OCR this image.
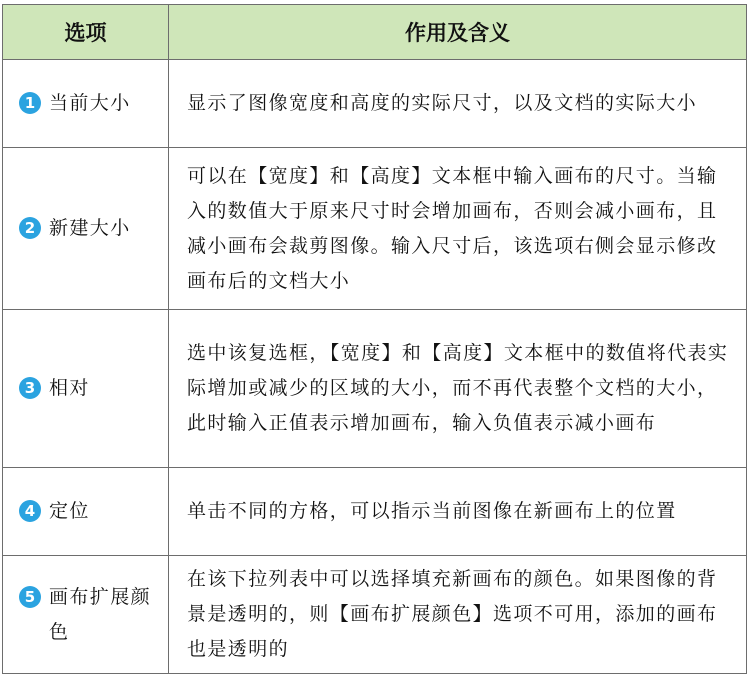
选项	作用及含义

1 当前大小	显示了图像宽度和高度的实际尺寸，以及文档的实际大小

2 新建大小	可以在【宽度】和【高度】文本框中输入画布的尺寸。当输入的数值大于原来尺寸时会增加画布，否则会减小画布，且减小画布会裁剪图像。输入尺寸后，该选项右侧会显示修改画布后的文档大小

3 相对	选中该复选框，【宽度】和【高度】文本框中的数值将代表实际增加或减少的区域的大小，而不再代表整个文档的大小，此时输入正值表示增加画布，输入负值表示减小画布

4 定位	单击不同的方格，可以指示当前图像在新画布上的位置

5 画布扩展颜色	在该下拉列表中可以选择填充新画布的颜色。如果图像的背景是透明的，则【画布扩展颜色】选项不可用，添加的画布也是透明的
